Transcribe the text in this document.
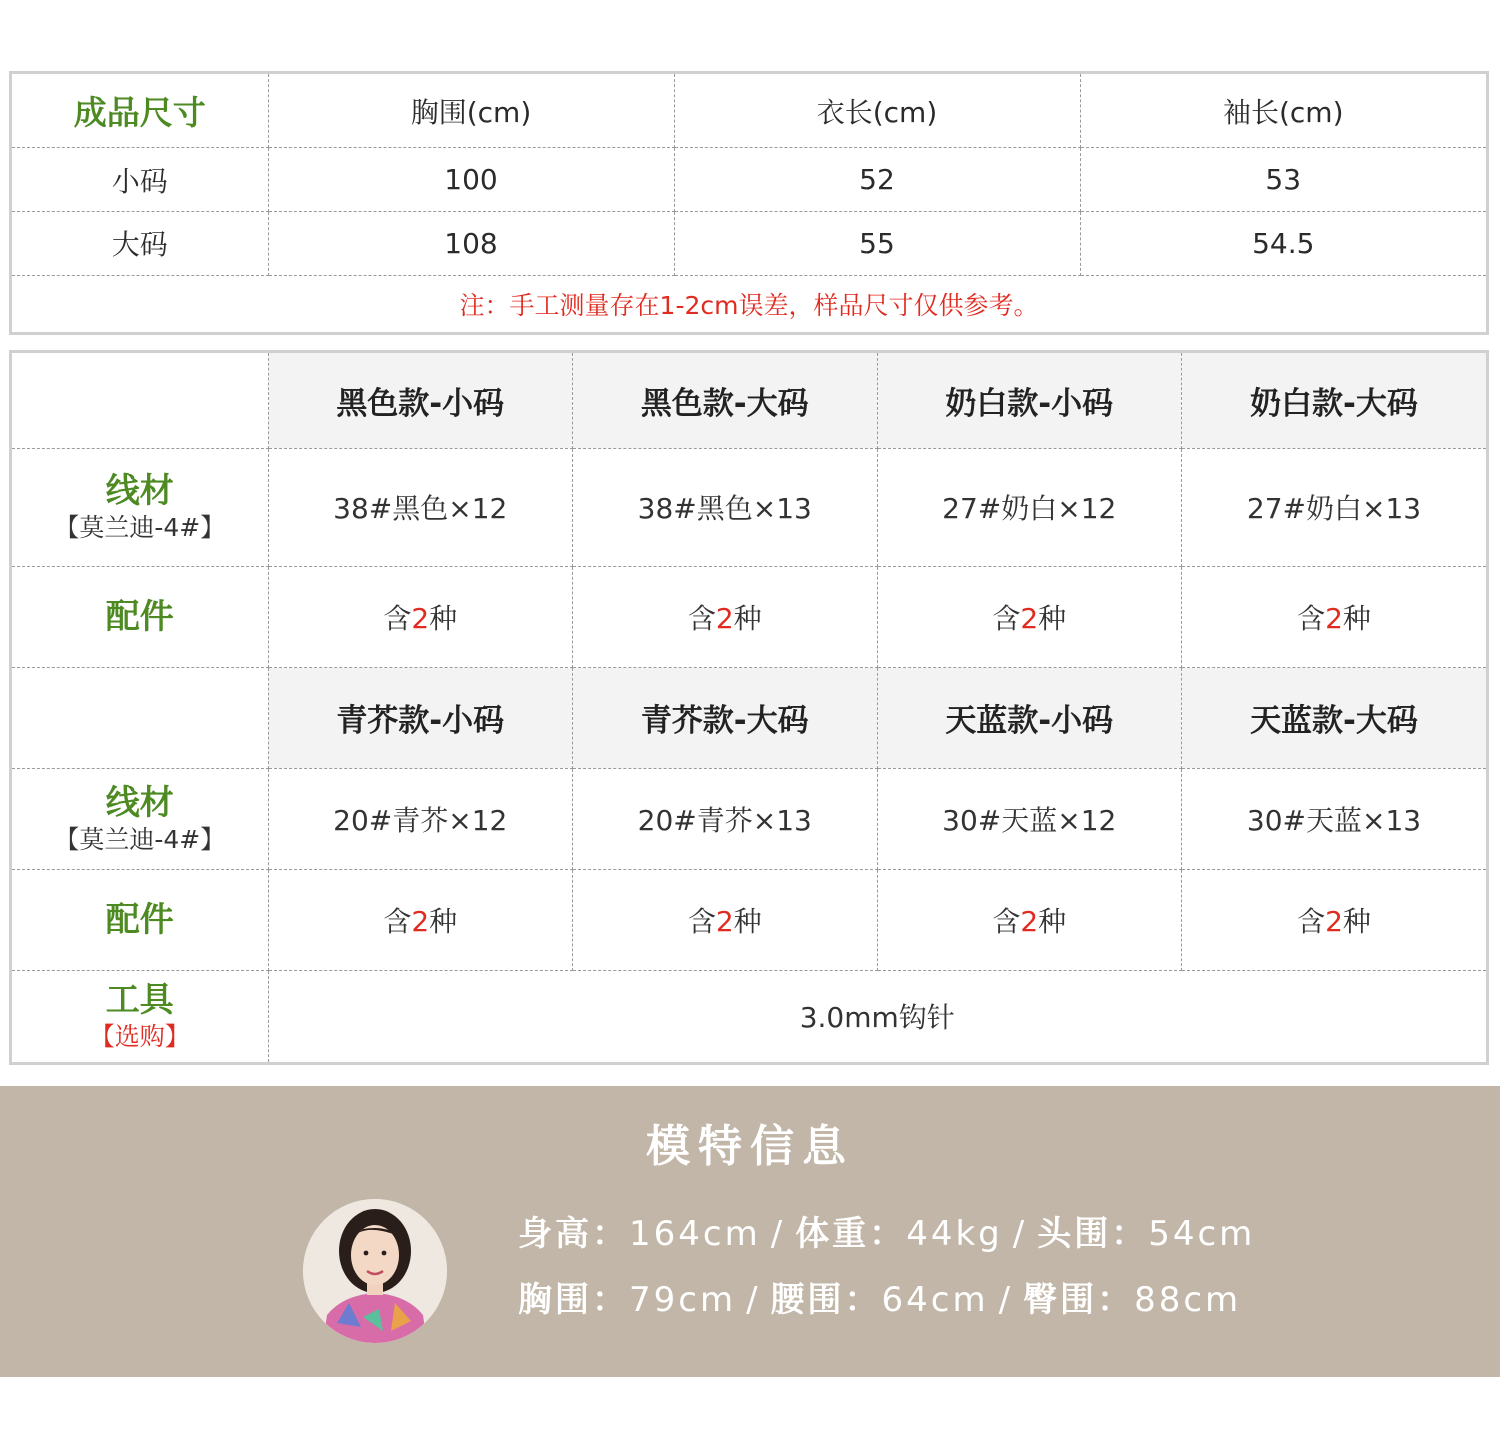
成品尺寸	胸围(cm)	衣长(cm)	袖长(cm)
小码	100	52	53
大码	108	55	54.5
注：手工测量存在1-2cm误差，样品尺寸仅供参考。			
	黑色款-小码	黑色款-大码	奶白款-小码	奶白款-大码

线材
【莫兰迪-4#】	38#黑色×12	38#黑色×13	27#奶白×12	27#奶白×13

配件	含2种	含2种	含2种	含2种
	青芥款-小码	青芥款-大码	天蓝款-小码	天蓝款-大码

线材
【莫兰迪-4#】	20#青芥×12	20#青芥×13	30#天蓝×12	30#天蓝×13

配件	含2种	含2种	含2种	含2种

工具
【选购】	3.0mm钩针			
模特信息
身高：164cm / 体重：44kg / 头围：54cm
胸围：79cm / 腰围：64cm / 臀围：88cm
